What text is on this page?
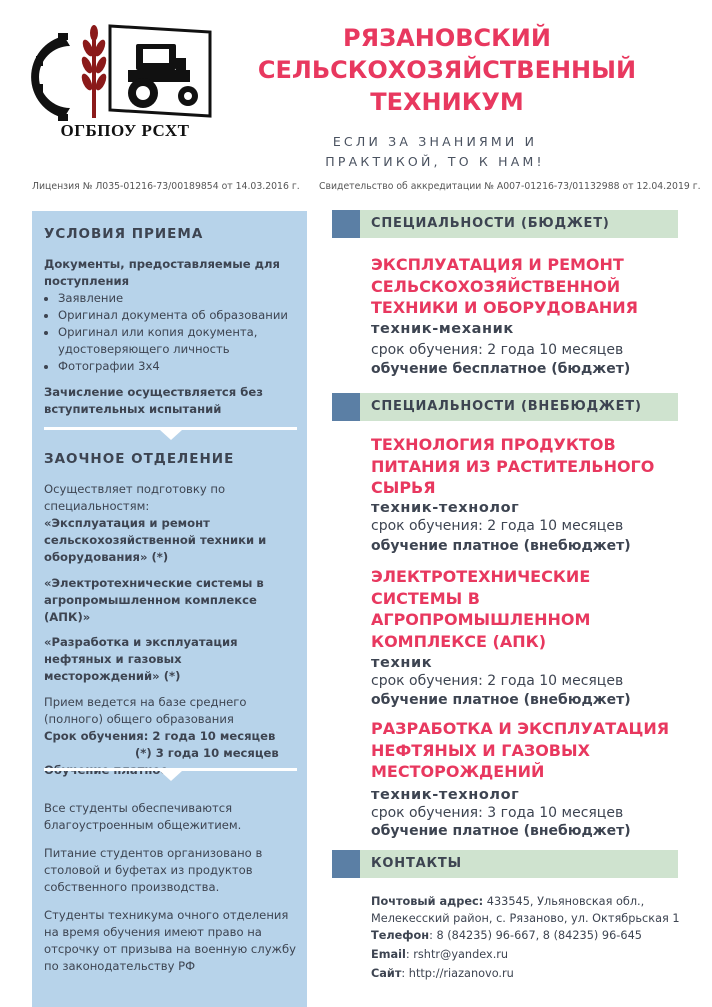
ОГБПОУ РСХТ
РЯЗАНОВСКИЙ
СЕЛЬСКОХОЗЯЙСТВЕННЫЙ
ТЕХНИКУМ
ЕСЛИ ЗА ЗНАНИЯМИ И
ПРАКТИКОЙ, ТО К НАМ!
Лицензия № Л035-01216-73/00189854 от 14.03.2016 г. Свидетельство об аккредитации № А007-01216-73/01132988 от 12.04.2019 г.
УСЛОВИЯ ПРИЕМА
Документы, предоставляемые для поступления
• Заявление
• Оригинал документа об образовании
• Оригинал или копия документа, удостоверяющего личность
• Фотографии 3х4
Зачисление осуществляется без вступительных испытаний
ЗАОЧНОЕ ОТДЕЛЕНИЕ
Осуществляет подготовку по специальностям:
«Эксплуатация и ремонт сельскохозяйственной техники и оборудования» (*)
«Электротехнические системы в агропромышленном комплексе (АПК)»
«Разработка и эксплуатация нефтяных и газовых месторождений» (*)
Прием ведется на базе среднего (полного) общего образования
Срок обучения: 2 года 10 месяцев
(*) 3 года 10 месяцев
Все студенты обеспечиваются благоустроенным общежитием.
Питание студентов организовано в столовой и буфетах из продуктов собственного производства.
Студенты техникума очного отделения на время обучения имеют право на отсрочку от призыва на военную службу по законодательству РФ
СПЕЦИАЛЬНОСТИ (БЮДЖЕТ)
ЭКСПЛУАТАЦИЯ И РЕМОНТ СЕЛЬСКОХОЗЯЙСТВЕННОЙ ТЕХНИКИ И ОБОРУДОВАНИЯ
техник-механик
срок обучения: 2 года 10 месяцев
обучение бесплатное (бюджет)
СПЕЦИАЛЬНОСТИ (ВНЕБЮДЖЕТ)
ТЕХНОЛОГИЯ ПРОДУКТОВ ПИТАНИЯ ИЗ РАСТИТЕЛЬНОГО СЫРЬЯ
техник-технолог
срок обучения: 2 года 10 месяцев
обучение платное (внебюджет)
ЭЛЕКТРОТЕХНИЧЕСКИЕ СИСТЕМЫ В АГРОПРОМЫШЛЕННОМ КОМПЛЕКСЕ (АПК)
техник
срок обучения: 2 года 10 месяцев
обучение платное (внебюджет)
РАЗРАБОТКА И ЭКСПЛУАТАЦИЯ НЕФТЯНЫХ И ГАЗОВЫХ МЕСТОРОЖДЕНИЙ
техник-технолог
срок обучения: 3 года 10 месяцев
обучение платное (внебюджет)
КОНТАКТЫ
Почтовый адрес: 433545, Ульяновская обл.,
Мелекесский район, с. Рязаново, ул. Октябрьская 1
Телефон: 8 (84235) 96-667, 8 (84235) 96-645
Email: rshtr@yandex.ru
Сайт: http://riazanovo.ru
